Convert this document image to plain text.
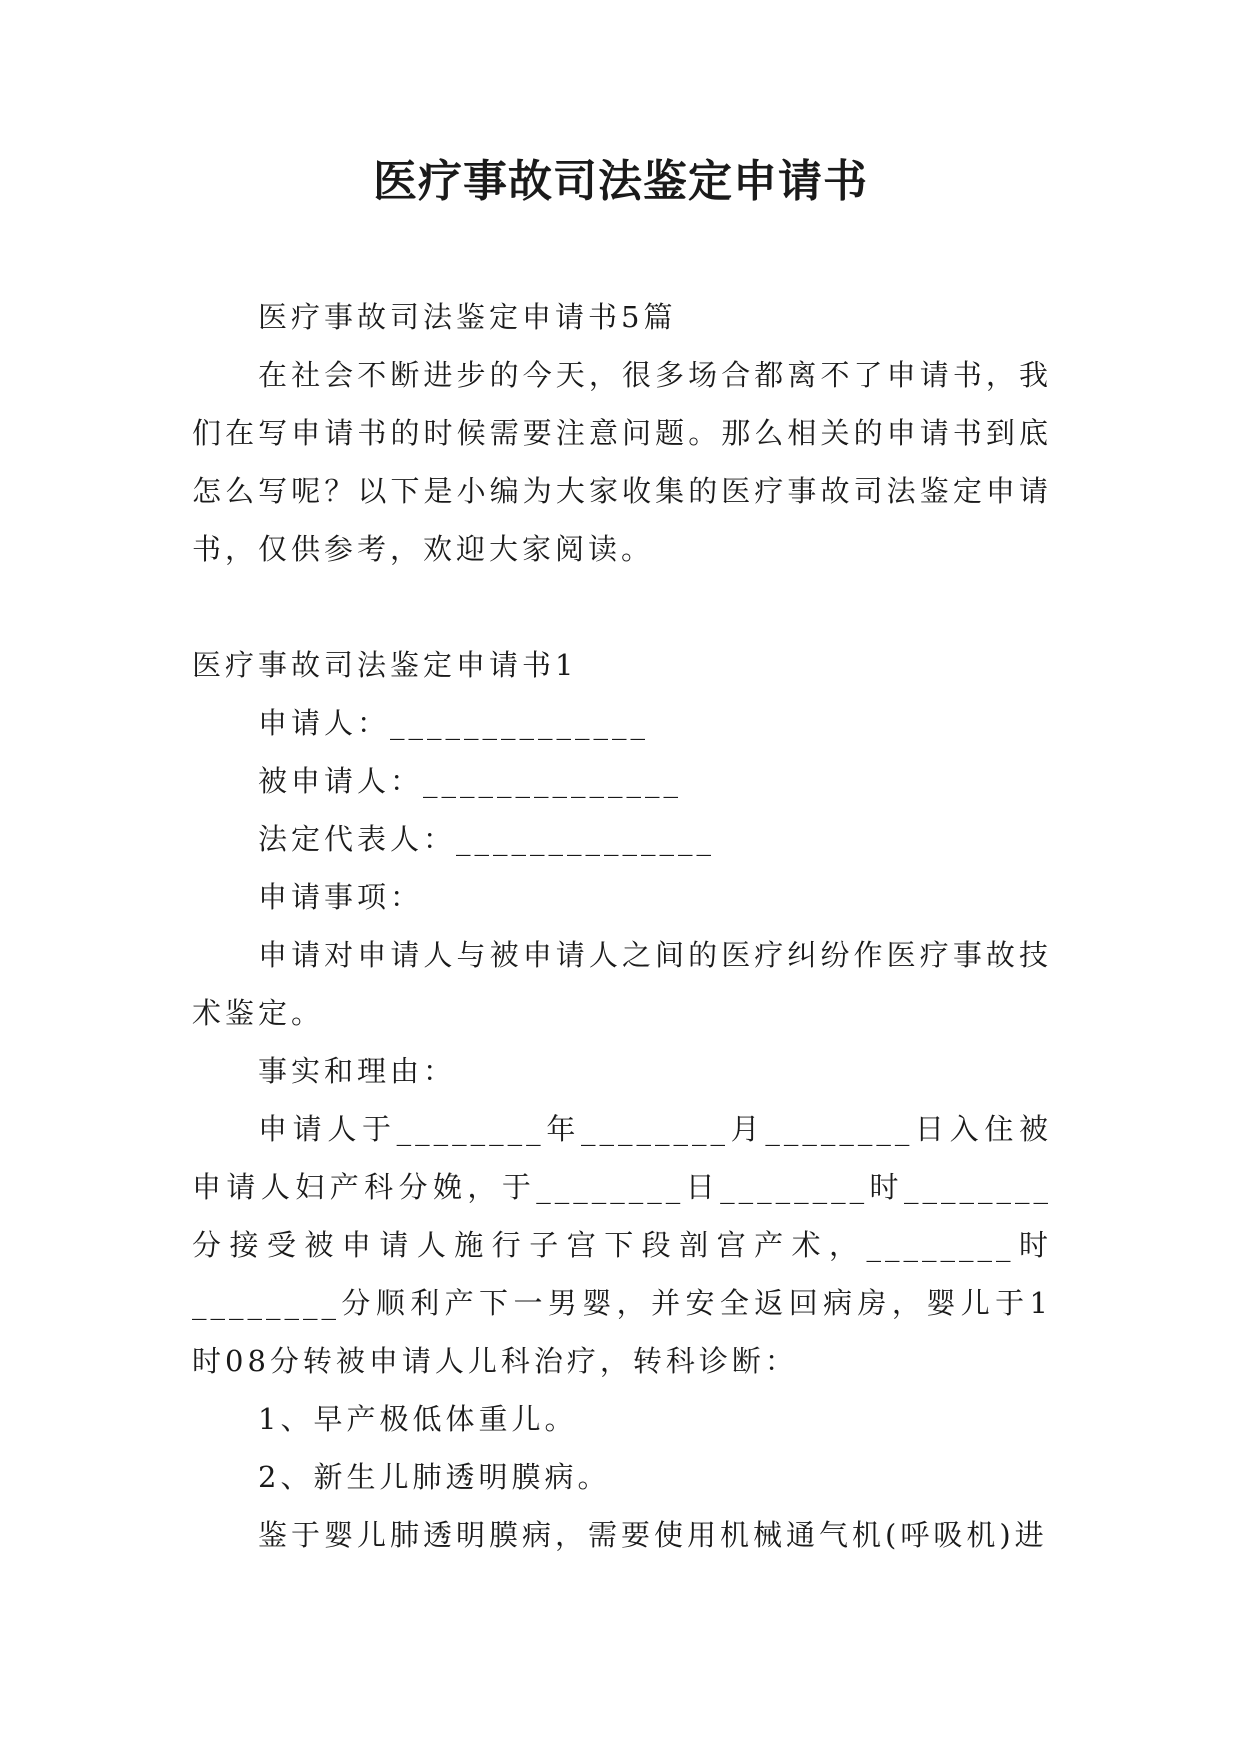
医疗事故司法鉴定申请书

医疗事故司法鉴定申请书5篇

在社会不断进步的今天，很多场合都离不了申请书，我们在写申请书的时候需要注意问题。那么相关的申请书到底怎么写呢？以下是小编为大家收集的医疗事故司法鉴定申请书，仅供参考，欢迎大家阅读。

医疗事故司法鉴定申请书1

申请人：______________

被申请人：______________

法定代表人：______________

申请事项：

申请对申请人与被申请人之间的医疗纠纷作医疗事故技术鉴定。

事实和理由：

申请人于________年________月________日入住被申请人妇产科分娩，于________日________时________分接受被申请人施行子宫下段剖宫产术，________时________分顺利产下一男婴，并安全返回病房，婴儿于1时08分转被申请人儿科治疗，转科诊断：

1、早产极低体重儿。

2、新生儿肺透明膜病。

鉴于婴儿肺透明膜病，需要使用机械通气机(呼吸机)进
